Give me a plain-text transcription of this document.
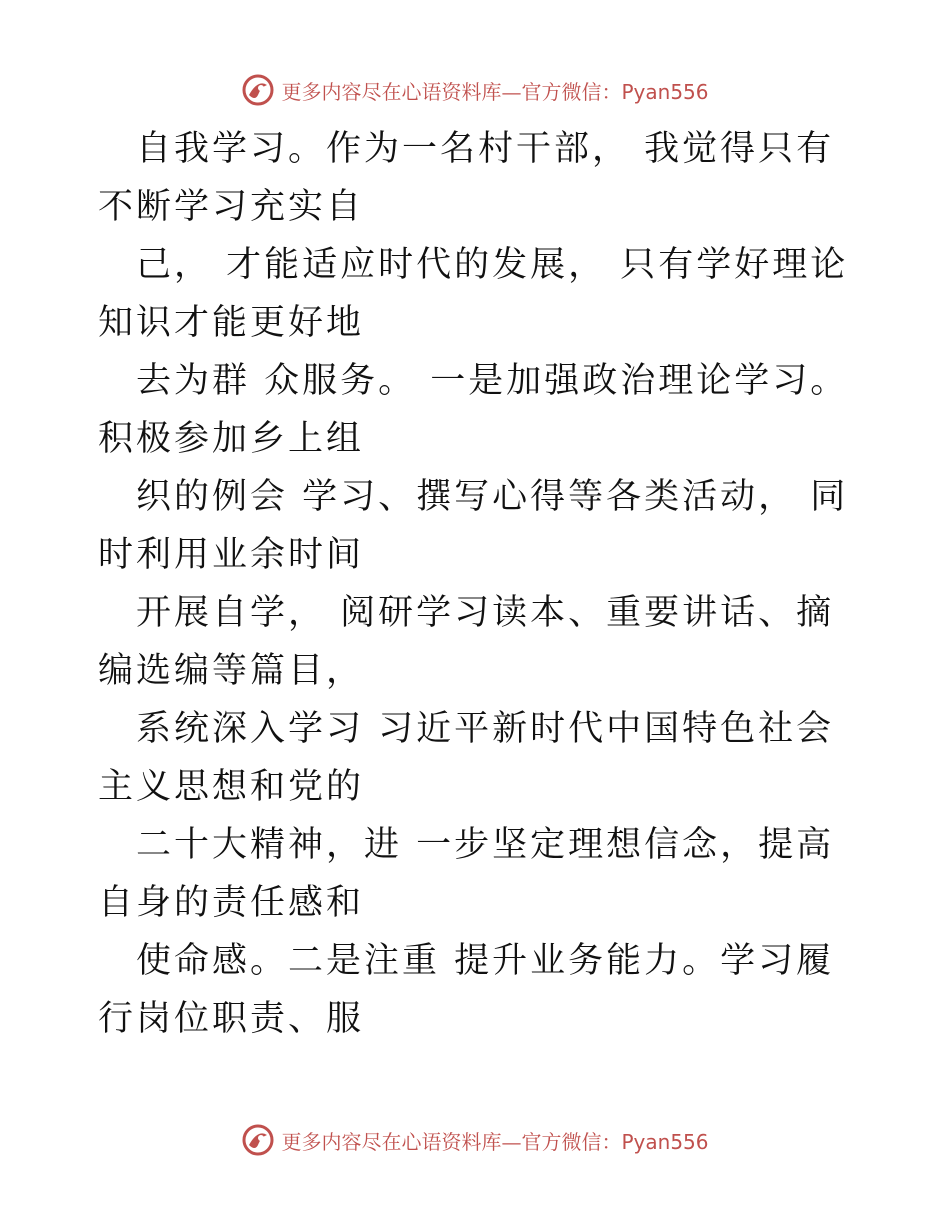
更多内容尽在心语资料库—官方微信：Pyan556

自我学习。作为一名村干部， 我觉得只有不断学习充实自

己， 才能适应时代的发展， 只有学好理论知识才能更好地

去为群 众服务。 一是加强政治理论学习。积极参加乡上组

织的例会 学习、撰写心得等各类活动， 同时利用业余时间

开展自学， 阅研学习读本、重要讲话、摘编选编等篇目，

系统深入学习 习近平新时代中国特色社会主义思想和党的

二十大精神，进 一步坚定理想信念，提高自身的责任感和

使命感。二是注重 提升业务能力。学习履行岗位职责、服

更多内容尽在心语资料库—官方微信：Pyan556
